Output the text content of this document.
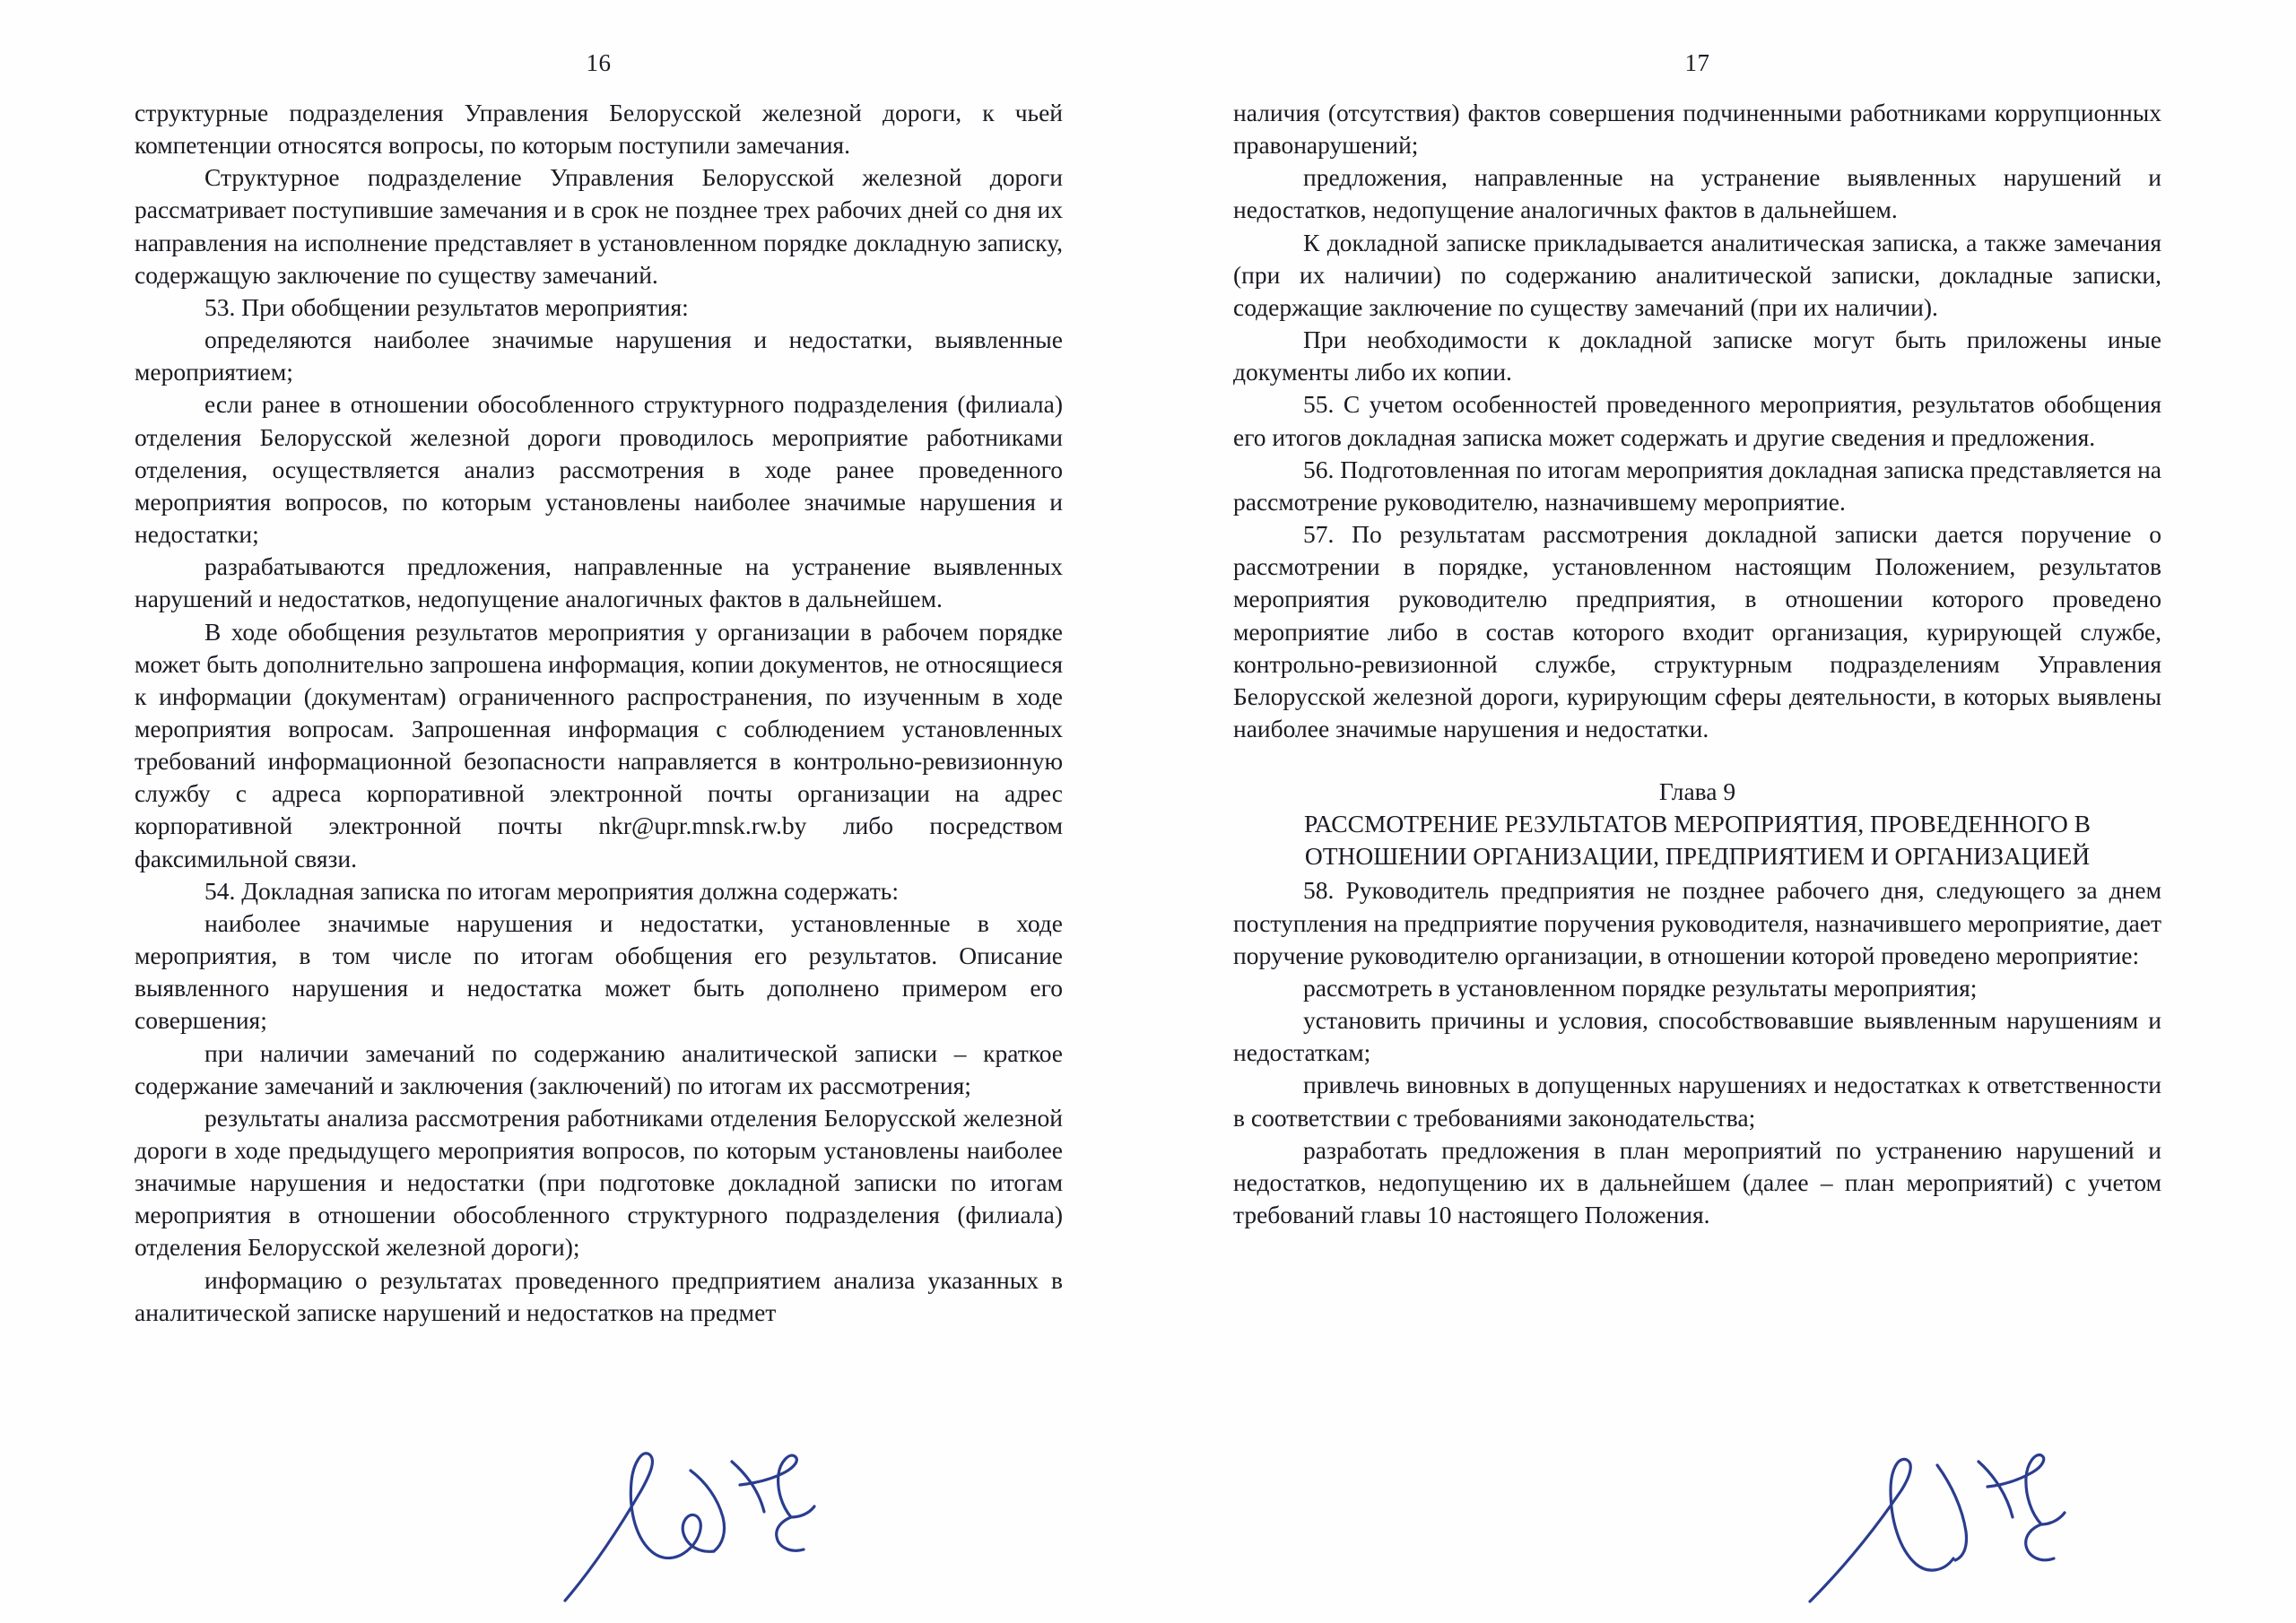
16

структурные подразделения Управления Белорусской железной дороги, к чьей компетенции относятся вопросы, по которым поступили замечания.

Структурное подразделение Управления Белорусской железной дороги рассматривает поступившие замечания и в срок не позднее трех рабочих дней со дня их направления на исполнение представляет в установленном порядке докладную записку, содержащую заключение по существу замечаний.

53. При обобщении результатов мероприятия:

определяются наиболее значимые нарушения и недостатки, выявленные мероприятием;

если ранее в отношении обособленного структурного подразделения (филиала) отделения Белорусской железной дороги проводилось мероприятие работниками отделения, осуществляется анализ рассмотрения в ходе ранее проведенного мероприятия вопросов, по которым установлены наиболее значимые нарушения и недостатки;

разрабатываются предложения, направленные на устранение выявленных нарушений и недостатков, недопущение аналогичных фактов в дальнейшем.

В ходе обобщения результатов мероприятия у организации в рабочем порядке может быть дополнительно запрошена информация, копии документов, не относящиеся к информации (документам) ограниченного распространения, по изученным в ходе мероприятия вопросам. Запрошенная информация с соблюдением установленных требований информационной безопасности направляется в контрольно-ревизионную службу с адреса корпоративной электронной почты организации на адрес корпоративной электронной почты nkr@upr.mnsk.rw.by либо посредством факсимильной связи.

54. Докладная записка по итогам мероприятия должна содержать:

наиболее значимые нарушения и недостатки, установленные в ходе мероприятия, в том числе по итогам обобщения его результатов. Описание выявленного нарушения и недостатка может быть дополнено примером его совершения;

при наличии замечаний по содержанию аналитической записки – краткое содержание замечаний и заключения (заключений) по итогам их рассмотрения;

результаты анализа рассмотрения работниками отделения Белорусской железной дороги в ходе предыдущего мероприятия вопросов, по которым установлены наиболее значимые нарушения и недостатки (при подготовке докладной записки по итогам мероприятия в отношении обособленного структурного подразделения (филиала) отделения Белорусской железной дороги);

информацию о результатах проведенного предприятием анализа указанных в аналитической записке нарушений и недостатков на предмет

17

наличия (отсутствия) фактов совершения подчиненными работниками коррупционных правонарушений;

предложения, направленные на устранение выявленных нарушений и недостатков, недопущение аналогичных фактов в дальнейшем.

К докладной записке прикладывается аналитическая записка, а также замечания (при их наличии) по содержанию аналитической записки, докладные записки, содержащие заключение по существу замечаний (при их наличии).

При необходимости к докладной записке могут быть приложены иные документы либо их копии.

55. С учетом особенностей проведенного мероприятия, результатов обобщения его итогов докладная записка может содержать и другие сведения и предложения.

56. Подготовленная по итогам мероприятия докладная записка представляется на рассмотрение руководителю, назначившему мероприятие.

57. По результатам рассмотрения докладной записки дается поручение о рассмотрении в порядке, установленном настоящим Положением, результатов мероприятия руководителю предприятия, в отношении которого проведено мероприятие либо в состав которого входит организация, курирующей службе, контрольно-ревизионной службе, структурным подразделениям Управления Белорусской железной дороги, курирующим сферы деятельности, в которых выявлены наиболее значимые нарушения и недостатки.

Глава 9
РАССМОТРЕНИЕ РЕЗУЛЬТАТОВ МЕРОПРИЯТИЯ, ПРОВЕДЕННОГО В ОТНОШЕНИИ ОРГАНИЗАЦИИ, ПРЕДПРИЯТИЕМ И ОРГАНИЗАЦИЕЙ

58. Руководитель предприятия не позднее рабочего дня, следующего за днем поступления на предприятие поручения руководителя, назначившего мероприятие, дает поручение руководителю организации, в отношении которой проведено мероприятие:

рассмотреть в установленном порядке результаты мероприятия;

установить причины и условия, способствовавшие выявленным нарушениям и недостаткам;

привлечь виновных в допущенных нарушениях и недостатках к ответственности в соответствии с требованиями законодательства;

разработать предложения в план мероприятий по устранению нарушений и недостатков, недопущению их в дальнейшем (далее – план мероприятий) с учетом требований главы 10 настоящего Положения.
